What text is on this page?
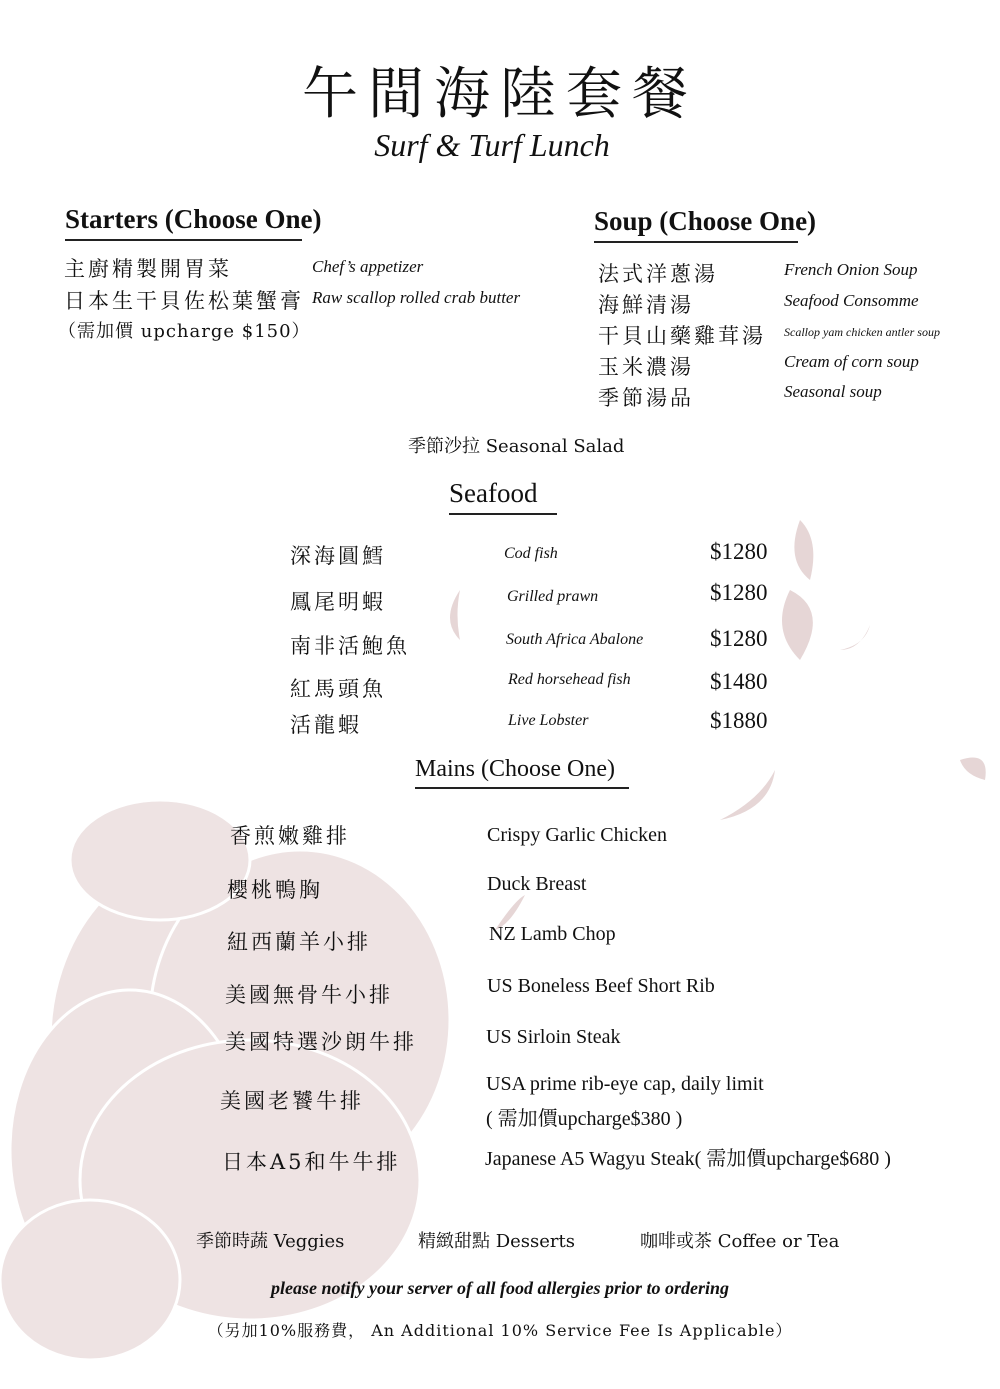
午間海陸套餐
Surf & Turf Lunch
Starters (Choose One)
主廚精製開胃菜	Chef’s appetizer
日本生干貝佐松葉蟹膏 Raw scallop rolled crab butter
（需加價 upcharge $150）
Soup (Choose One)
法式洋蔥湯	French Onion Soup
海鮮清湯	Seafood Consomme
干貝山藥雞茸湯 Scallop yam chicken antler soup
玉米濃湯	Cream of corn soup
季節湯品	Seasonal soup
季節沙拉 Seasonal Salad
Seafood
深海圓鱈	Cod fish	$1280
鳳尾明蝦	Grilled prawn	$1280
南非活鮑魚	South Africa Abalone	$1280
紅馬頭魚	Red horsehead fish	$1480
活龍蝦	Live Lobster	$1880
Mains (Choose One)
香煎嫩雞排	Crispy Garlic Chicken
櫻桃鴨胸	Duck Breast
紐西蘭羊小排	NZ Lamb Chop
美國無骨牛小排	US Boneless Beef Short Rib
美國特選沙朗牛排	US Sirloin Steak
美國老饕牛排
USA prime rib-eye cap, daily limit
( 需加價upcharge$380 )
日本A5和牛牛排	Japanese A5 Wagyu Steak( 需加價upcharge$680 )
季節時蔬 Veggies	精緻甜點 Desserts	咖啡或茶 Coffee or Tea
please notify your server of all food allergies prior to ordering
（另加10%服務費， An Additional 10% Service Fee Is Applicable）
